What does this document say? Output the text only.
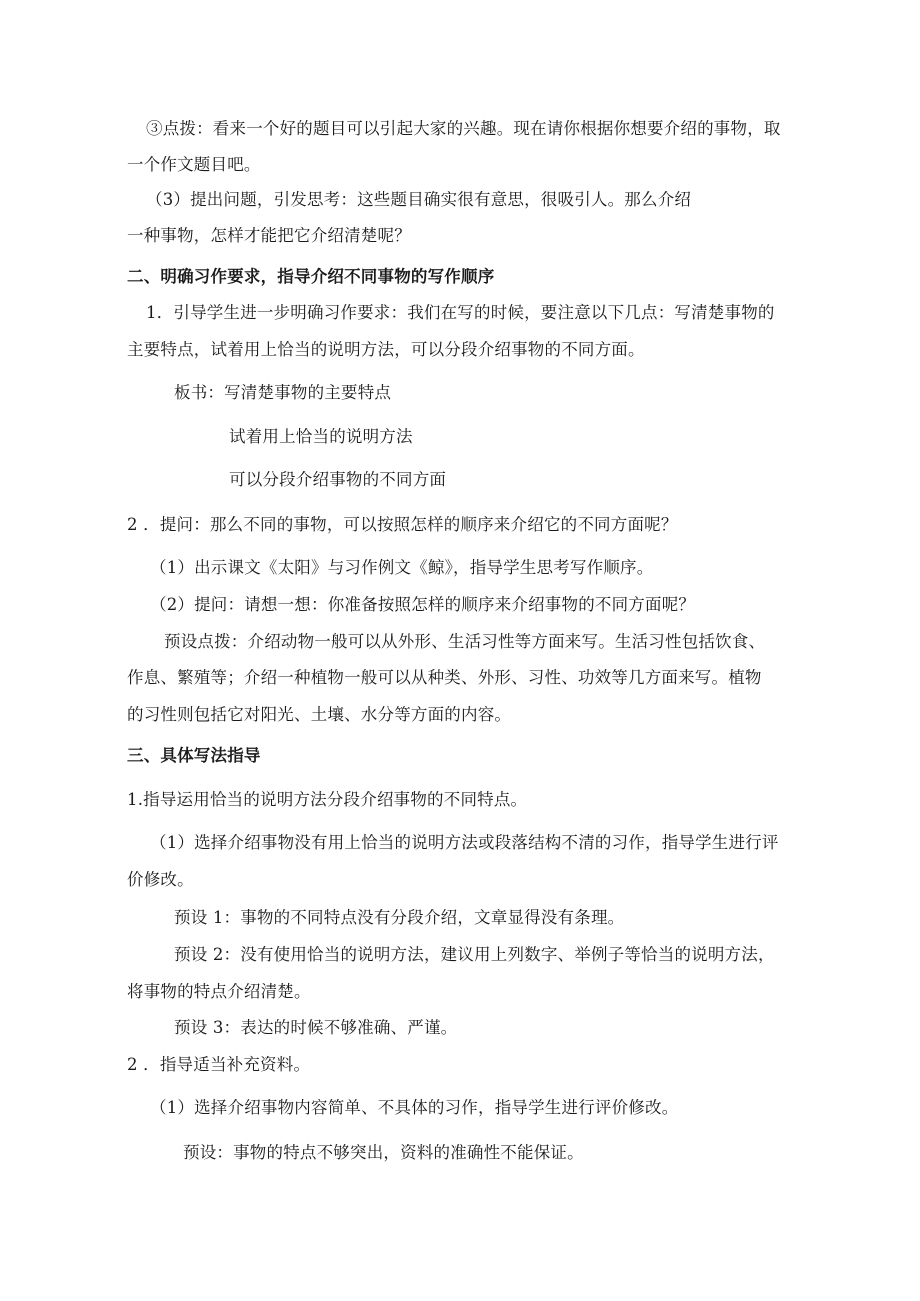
③点拨：看来一个好的题目可以引起大家的兴趣。现在请你根据你想要介绍的事物，取
一个作文题目吧。
（3）提出问题，引发思考：这些题目确实很有意思，很吸引人。那么介绍
一种事物，怎样才能把它介绍清楚呢？
二、明确习作要求，指导介绍不同事物的写作顺序
1．引导学生进一步明确习作要求：我们在写的时候，要注意以下几点：写清楚事物的
主要特点，试着用上恰当的说明方法，可以分段介绍事物的不同方面。
板书：写清楚事物的主要特点
试着用上恰当的说明方法
可以分段介绍事物的不同方面
2 ．提问：那么不同的事物，可以按照怎样的顺序来介绍它的不同方面呢？
（1）出示课文《太阳》与习作例文《鲸》，指导学生思考写作顺序。
（2）提问：请想一想：你准备按照怎样的顺序来介绍事物的不同方面呢？
预设点拨：介绍动物一般可以从外形、生活习性等方面来写。生活习性包括饮食、
作息、繁殖等；介绍一种植物一般可以从种类、外形、习性、功效等几方面来写。植物
的习性则包括它对阳光、土壤、水分等方面的内容。
三、具体写法指导
1.指导运用恰当的说明方法分段介绍事物的不同特点。
（1）选择介绍事物没有用上恰当的说明方法或段落结构不清的习作，指导学生进行评
价修改。
预设 1：事物的不同特点没有分段介绍，文章显得没有条理。
预设 2：没有使用恰当的说明方法，建议用上列数字、举例子等恰当的说明方法，
将事物的特点介绍清楚。
预设 3：表达的时候不够准确、严谨。
2 ．指导适当补充资料。
（1）选择介绍事物内容简单、不具体的习作，指导学生进行评价修改。
预设：事物的特点不够突出，资料的准确性不能保证。
